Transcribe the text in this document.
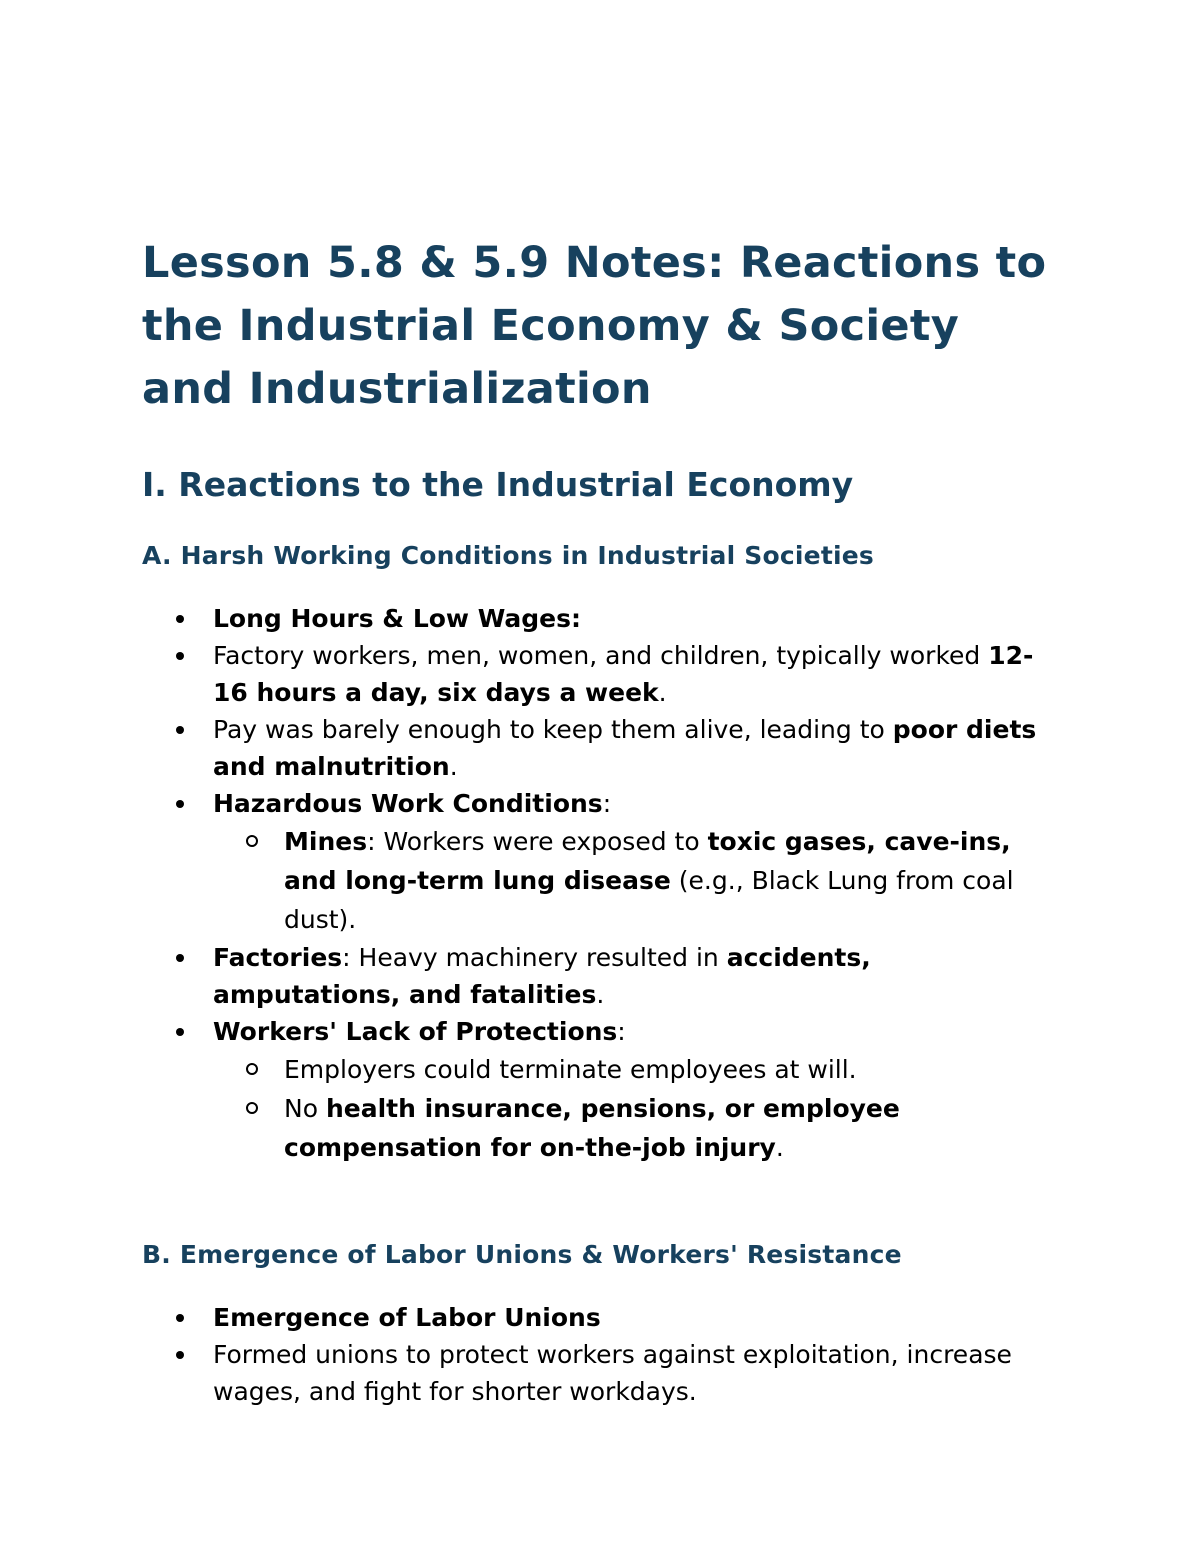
Lesson 5.8 & 5.9 Notes: Reactions to the Industrial Economy & Society and Industrialization
I. Reactions to the Industrial Economy
A. Harsh Working Conditions in Industrial Societies
Long Hours & Low Wages:
Factory workers, men, women, and children, typically worked 12-16 hours a day, six days a week.
Pay was barely enough to keep them alive, leading to poor diets and malnutrition.
Hazardous Work Conditions:
Mines: Workers were exposed to toxic gases, cave-ins, and long-term lung disease (e.g., Black Lung from coal dust).
Factories: Heavy machinery resulted in accidents, amputations, and fatalities.
Workers' Lack of Protections:
Employers could terminate employees at will.
No health insurance, pensions, or employee compensation for on-the-job injury.
B. Emergence of Labor Unions & Workers' Resistance
Emergence of Labor Unions
Formed unions to protect workers against exploitation, increase wages, and fight for shorter workdays.
